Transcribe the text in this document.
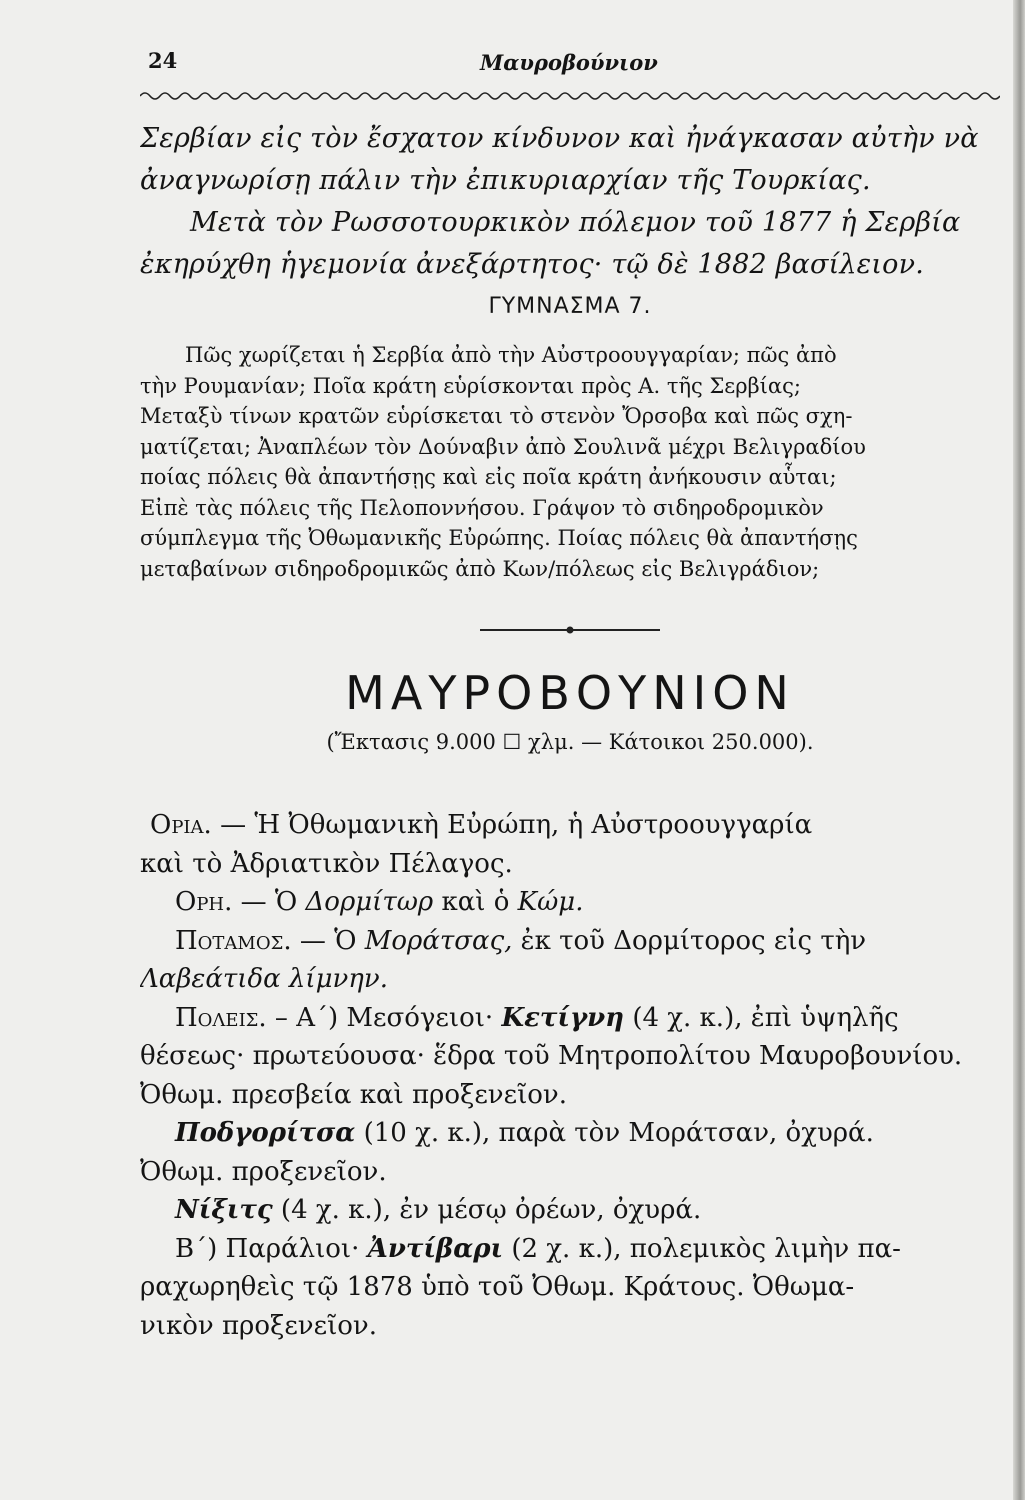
24	Μαυροβούνιον
Σερβίαν εἰς τὸν ἔσχατον κίνδυνον καὶ ἠνάγκασαν αὐτὴν νὰ
ἀναγνωρίσῃ πάλιν τὴν ἐπικυριαρχίαν τῆς Τουρκίας.
Μετὰ τὸν Ρωσσοτουρκικὸν πόλεμον τοῦ 1877 ἡ Σερβία
ἐκηρύχθη ἡγεμονία ἀνεξάρτητος· τῷ δὲ 1882 βασίλειον.
ΓΥΜΝΑΣΜΑ 7.
Πῶς χωρίζεται ἡ Σερβία ἀπὸ τὴν Αὐστροουγγαρίαν; πῶς ἀπὸ
τὴν Ρουμανίαν; Ποῖα κράτη εὑρίσκονται πρὸς Α. τῆς Σερβίας;
Μεταξὺ τίνων κρατῶν εὑρίσκεται τὸ στενὸν Ὄρσοβα καὶ πῶς σχη-
ματίζεται; Ἀναπλέων τὸν Δούναβιν ἀπὸ Σουλινᾶ μέχρι Βελιγραδίου
ποίας πόλεις θὰ ἀπαντήσῃς καὶ εἰς ποῖα κράτη ἀνήκουσιν αὗται;
Εἰπὲ τὰς πόλεις τῆς Πελοποννήσου. Γράψον τὸ σιδηροδρομικὸν
σύμπλεγμα τῆς Ὀθωμανικῆς Εὐρώπης. Ποίας πόλεις θὰ ἀπαντήσῃς
μεταβαίνων σιδηροδρομικῶς ἀπὸ Κων/πόλεως εἰς Βελιγράδιον;
ΜΑΥΡΟΒΟΥΝΙΟΝ
(Ἔκτασις 9.000 ☐ χλμ. — Κάτοικοι 250.000).
Ορια. — Ἡ Ὀθωμανικὴ Εὐρώπη, ἡ Αὐστροουγγαρία
καὶ τὸ Ἀδριατικὸν Πέλαγος.
Ορη. — Ὁ Δορμίτωρ καὶ ὁ Κώμ.
Ποταμος. — Ὁ Μοράτσας, ἐκ τοῦ Δορμίτορος εἰς τὴν
Λαβεάτιδα λίμνην.
Πολεις. – Α΄) Μεσόγειοι· Κετίγνη (4 χ. κ.), ἐπὶ ὑψηλῆς
θέσεως· πρωτεύουσα· ἕδρα τοῦ Μητροπολίτου Μαυροβουνίου.
Ὀθωμ. πρεσβεία καὶ προξενεῖον.
Ποδγορίτσα (10 χ. κ.), παρὰ τὸν Μοράτσαν, ὀχυρά.
Ὀθωμ. προξενεῖον.
Νίξιτς (4 χ. κ.), ἐν μέσῳ ὀρέων, ὀχυρά.
Β΄) Παράλιοι· Ἀντίβαρι (2 χ. κ.), πολεμικὸς λιμὴν πα-
ραχωρηθεὶς τῷ 1878 ὑπὸ τοῦ Ὀθωμ. Κράτους. Ὀθωμα-
νικὸν προξενεῖον.
